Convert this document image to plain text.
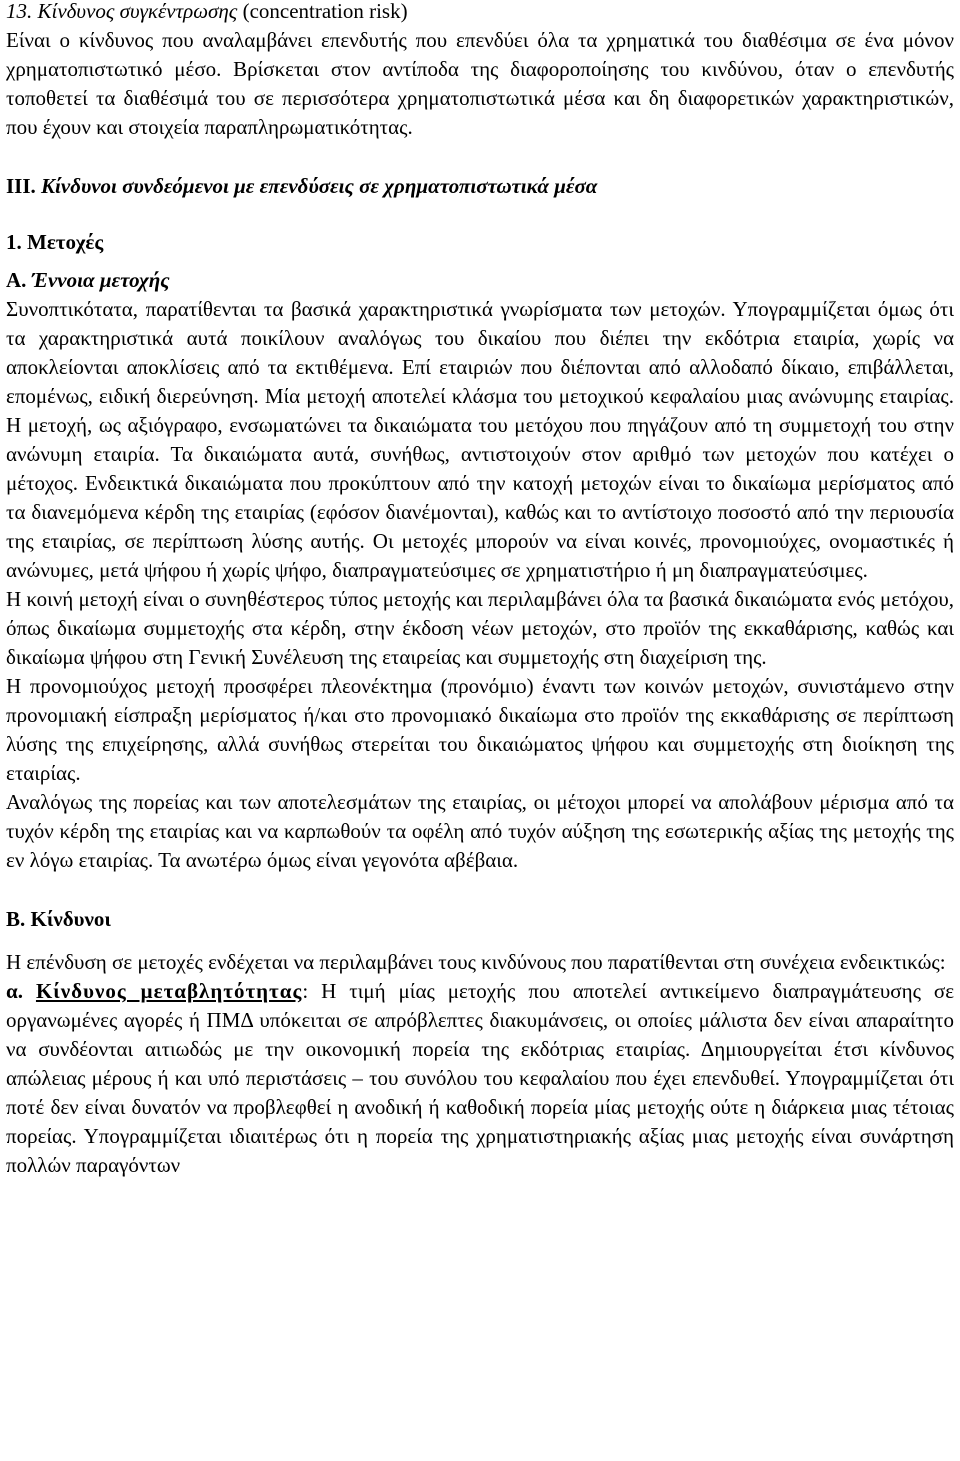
13. Κίνδυνος συγκέντρωσης (concentration risk)

Είναι ο κίνδυνος που αναλαμβάνει επενδυτής που επενδύει όλα τα χρηματικά του διαθέσιμα σε ένα μόνον χρηματοπιστωτικό μέσο. Βρίσκεται στον αντίποδα της διαφοροποίησης του κινδύνου, όταν ο επενδυτής τοποθετεί τα διαθέσιμά του σε περισσότερα χρηματοπιστωτικά μέσα και δη διαφορετικών χαρακτηριστικών, που έχουν και στοιχεία παραπληρωματικότητας.

III. Κίνδυνοι συνδεόμενοι με επενδύσεις σε χρηματοπιστωτικά μέσα

1. Μετοχές

Α. Έννοια μετοχής

Συνοπτικότατα, παρατίθενται τα βασικά χαρακτηριστικά γνωρίσματα των μετοχών. Υπογραμμίζεται όμως ότι τα χαρακτηριστικά αυτά ποικίλουν αναλόγως του δικαίου που διέπει την εκδότρια εταιρία, χωρίς να αποκλείονται αποκλίσεις από τα εκτιθέμενα. Επί εταιριών που διέπονται από αλλοδαπό δίκαιο, επιβάλλεται, επομένως, ειδική διερεύνηση. Μία μετοχή αποτελεί κλάσμα του μετοχικού κεφαλαίου μιας ανώνυμης εταιρίας. Η μετοχή, ως αξιόγραφο, ενσωματώνει τα δικαιώματα του μετόχου που πηγάζουν από τη συμμετοχή του στην ανώνυμη εταιρία. Τα δικαιώματα αυτά, συνήθως, αντιστοιχούν στον αριθμό των μετοχών που κατέχει ο μέτοχος. Ενδεικτικά δικαιώματα που προκύπτουν από την κατοχή μετοχών είναι το δικαίωμα μερίσματος από τα διανεμόμενα κέρδη της εταιρίας (εφόσον διανέμονται), καθώς και το αντίστοιχο ποσοστό από την περιουσία της εταιρίας, σε περίπτωση λύσης αυτής. Οι μετοχές μπορούν να είναι κοινές, προνομιούχες, ονομαστικές ή ανώνυμες, μετά ψήφου ή χωρίς ψήφο, διαπραγματεύσιμες σε χρηματιστήριο ή μη διαπραγματεύσιμες.

Η κοινή μετοχή είναι ο συνηθέστερος τύπος μετοχής και περιλαμβάνει όλα τα βασικά δικαιώματα ενός μετόχου, όπως δικαίωμα συμμετοχής στα κέρδη, στην έκδοση νέων μετοχών, στο προϊόν της εκκαθάρισης, καθώς και δικαίωμα ψήφου στη Γενική Συνέλευση της εταιρείας και συμμετοχής στη διαχείριση της.

Η προνομιούχος μετοχή προσφέρει πλεονέκτημα (προνόμιο) έναντι των κοινών μετοχών, συνιστάμενο στην προνομιακή είσπραξη μερίσματος ή/και στο προνομιακό δικαίωμα στο προϊόν της εκκαθάρισης σε περίπτωση λύσης της επιχείρησης, αλλά συνήθως στερείται του δικαιώματος ψήφου και συμμετοχής στη διοίκηση της εταιρίας.

Αναλόγως της πορείας και των αποτελεσμάτων της εταιρίας, οι μέτοχοι μπορεί να απολάβουν μέρισμα από τα τυχόν κέρδη της εταιρίας και να καρπωθούν τα οφέλη από τυχόν αύξηση της εσωτερικής αξίας της μετοχής της εν λόγω εταιρίας. Τα ανωτέρω όμως είναι γεγονότα αβέβαια.

Β. Κίνδυνοι

Η επένδυση σε μετοχές ενδέχεται να περιλαμβάνει τους κινδύνους που παρατίθενται στη συνέχεια ενδεικτικώς:

α. Κίνδυνος μεταβλητότητας: Η τιμή μίας μετοχής που αποτελεί αντικείμενο διαπραγμάτευσης σε οργανωμένες αγορές ή ΠΜΔ υπόκειται σε απρόβλεπτες διακυμάνσεις, οι οποίες μάλιστα δεν είναι απαραίτητο να συνδέονται αιτιωδώς με την οικονομική πορεία της εκδότριας εταιρίας. Δημιουργείται έτσι κίνδυνος απώλειας μέρους ή και υπό περιστάσεις – του συνόλου του κεφαλαίου που έχει επενδυθεί. Υπογραμμίζεται ότι ποτέ δεν είναι δυνατόν να προβλεφθεί η ανοδική ή καθοδική πορεία μίας μετοχής ούτε η διάρκεια μιας τέτοιας πορείας. Υπογραμμίζεται ιδιαιτέρως ότι η πορεία της χρηματιστηριακής αξίας μιας μετοχής είναι συνάρτηση πολλών παραγόντων
